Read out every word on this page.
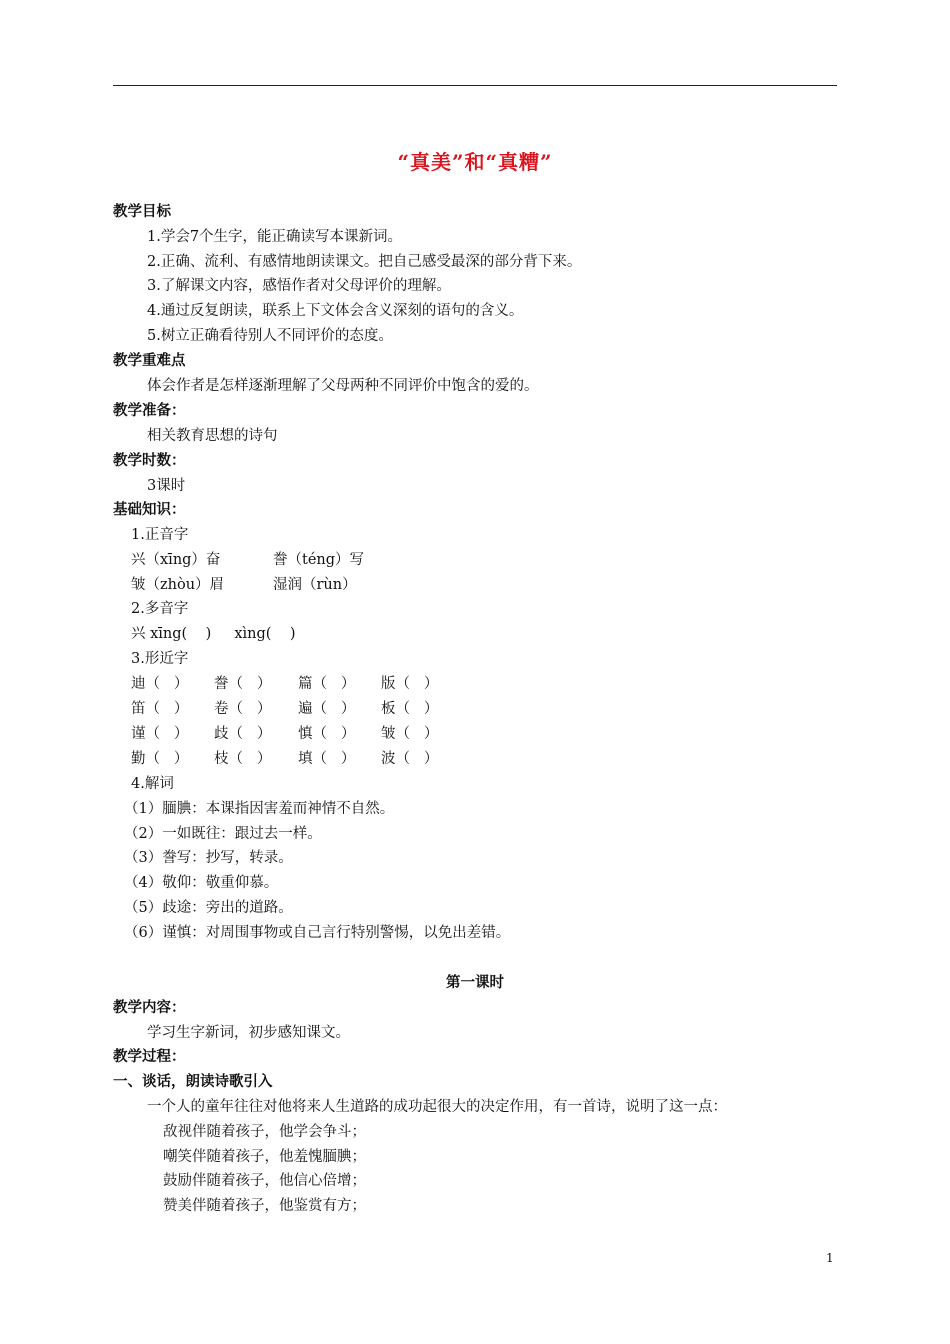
“真美”和“真糟”
教学目标
1.学会7个生字，能正确读写本课新词。
2.正确、流利、有感情地朗读课文。把自己感受最深的部分背下来。
3.了解课文内容，感悟作者对父母评价的理解。
4.通过反复朗读，联系上下文体会含义深刻的语句的含义。
5.树立正确看待别人不同评价的态度。
教学重难点
体会作者是怎样逐渐理解了父母两种不同评价中饱含的爱的。
教学准备：
相关教育思想的诗句
教学时数：
3课时
基础知识：
1.正音字
兴（xīng）奋	誊（téng）写
皱（zhòu）眉	湿润（rùn）
2.多音字
兴 xīng(    )     xìng(    )
3.形近字
迪（   ） 誊（   ） 篇（   ） 版（   ）
笛（   ） 卷（   ） 遍（   ） 板（   ）
谨（   ） 歧（   ） 慎（   ） 皱（   ）
勤（   ） 枝（   ） 填（   ） 波（   ）
4.解词
（1）腼腆：本课指因害羞而神情不自然。
（2）一如既往：跟过去一样。
（3）誊写：抄写，转录。
（4）敬仰：敬重仰慕。
（5）歧途：旁出的道路。
（6）谨慎：对周围事物或自己言行特别警惕，以免出差错。
第一课时
教学内容：
学习生字新词，初步感知课文。
教学过程：
一、谈话，朗读诗歌引入
一个人的童年往往对他将来人生道路的成功起很大的决定作用，有一首诗，说明了这一点：
敌视伴随着孩子，他学会争斗；
嘲笑伴随着孩子，他羞愧腼腆；
鼓励伴随着孩子，他信心倍增；
赞美伴随着孩子，他鉴赏有方；
1
